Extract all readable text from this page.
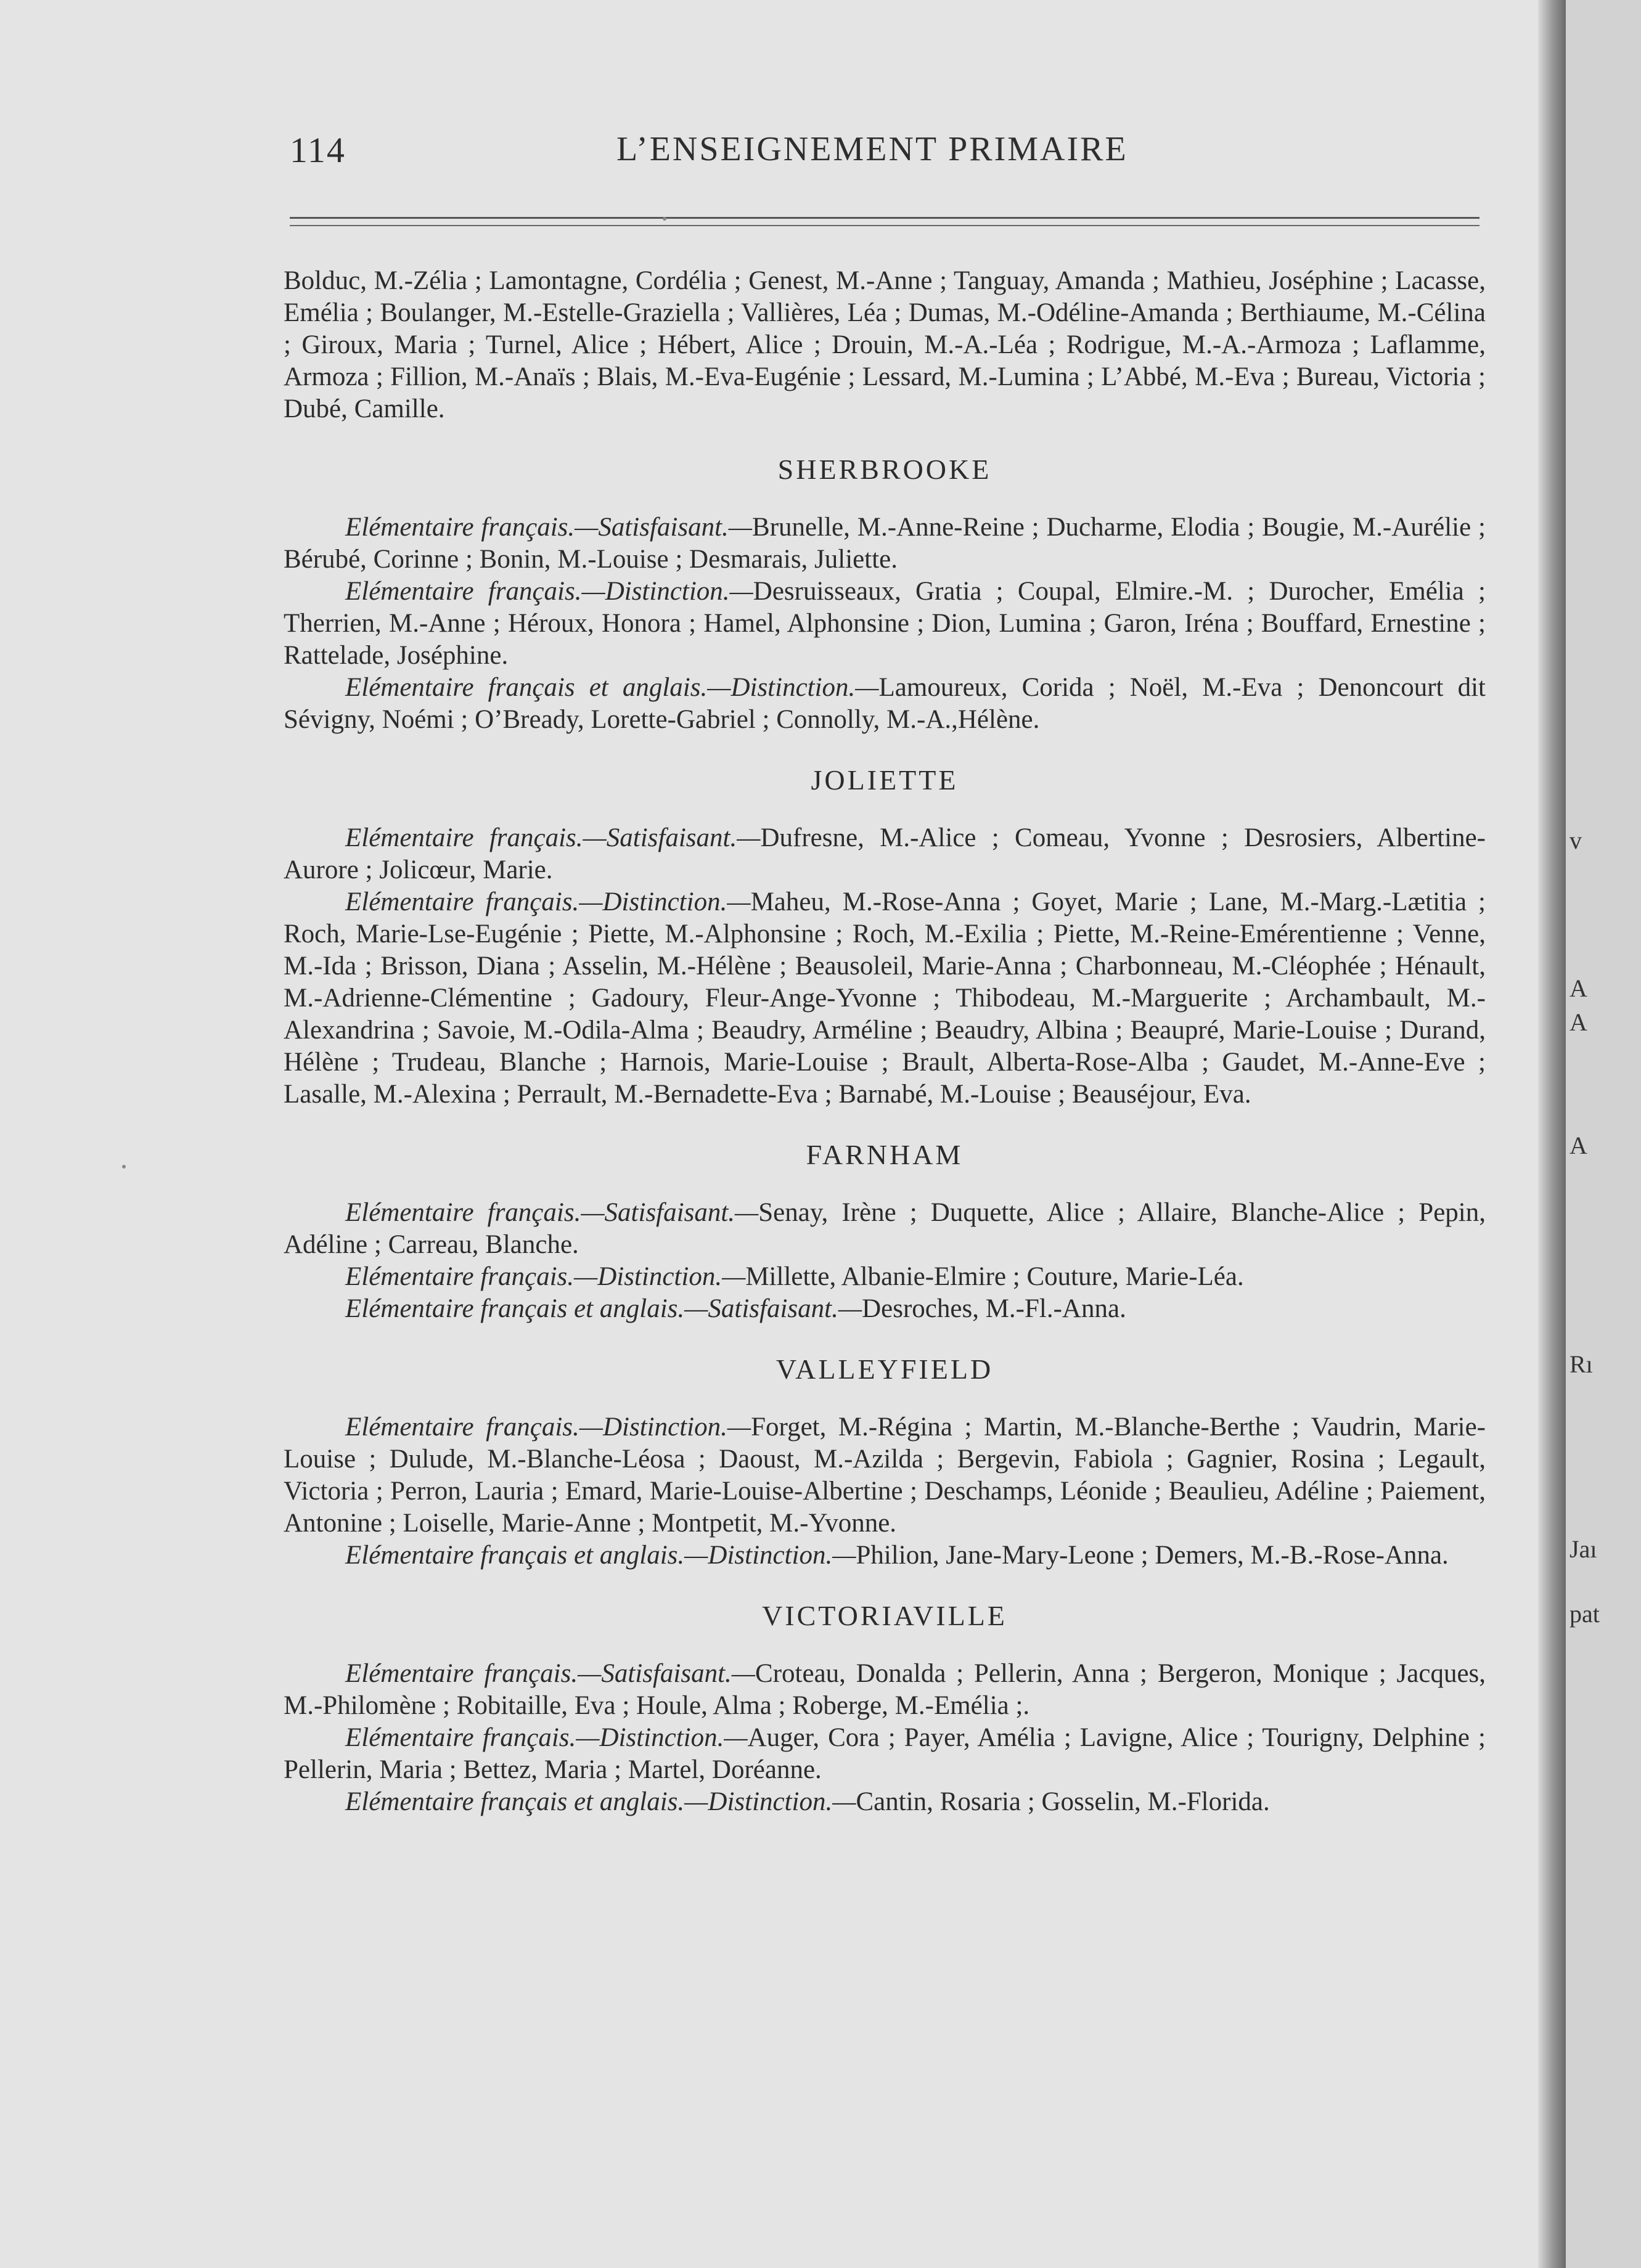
114	L’ENSEIGNEMENT PRIMAIRE

Bolduc, M.-Zélia ; Lamontagne, Cordélia ; Genest, M.-Anne ; Tanguay, Amanda ; Mathieu, Joséphine ; Lacasse, Emélia ; Boulanger, M.-Estelle-Graziella ; Vallières, Léa ; Dumas, M.-Odéline-Amanda ; Berthiaume, M.-Célina ; Giroux, Maria ; Turnel, Alice ; Hébert, Alice ; Drouin, M.-A.-Léa ; Rodrigue, M.-A.-Armoza ; Laflamme, Armoza ; Fillion, M.-Anaïs ; Blais, M.-Eva-Eugénie ; Lessard, M.-Lumina ; L’Abbé, M.-Eva ; Bureau, Victoria ; Dubé, Camille.

SHERBROOKE

Elémentaire français.—Satisfaisant.—Brunelle, M.-Anne-Reine ; Ducharme, Elodia ; Bougie, M.-Aurélie ; Bérubé, Corinne ; Bonin, M.-Louise ; Desmarais, Juliette.

Elémentaire français.—Distinction.—Desruisseaux, Gratia ; Coupal, Elmire.-M. ; Durocher, Emélia ; Therrien, M.-Anne ; Héroux, Honora ; Hamel, Alphonsine ; Dion, Lumina ; Garon, Iréna ; Bouffard, Ernestine ; Rattelade, Joséphine.

Elémentaire français et anglais.—Distinction.—Lamoureux, Corida ; Noël, M.-Eva ; Denoncourt dit Sévigny, Noémi ; O’Bready, Lorette-Gabriel ; Connolly, M.-A.,Hélène.

JOLIETTE

Elémentaire français.—Satisfaisant.—Dufresne, M.-Alice ; Comeau, Yvonne ; Desrosiers, Albertine-Aurore ; Jolicœur, Marie.

Elémentaire français.—Distinction.—Maheu, M.-Rose-Anna ; Goyet, Marie ; Lane, M.-Marg.-Lætitia ; Roch, Marie-Lse-Eugénie ; Piette, M.-Alphonsine ; Roch, M.-Exilia ; Piette, M.-Reine-Emérentienne ; Venne, M.-Ida ; Brisson, Diana ; Asselin, M.-Hélène ; Beausoleil, Marie-Anna ; Charbonneau, M.-Cléophée ; Hénault, M.-Adrienne-Clémentine ; Gadoury, Fleur-Ange-Yvonne ; Thibodeau, M.-Marguerite ; Archambault, M.-Alexandrina ; Savoie, M.-Odila-Alma ; Beaudry, Arméline ; Beaudry, Albina ; Beaupré, Marie-Louise ; Durand, Hélène ; Trudeau, Blanche ; Harnois, Marie-Louise ; Brault, Alberta-Rose-Alba ; Gaudet, M.-Anne-Eve ; Lasalle, M.-Alexina ; Perrault, M.-Bernadette-Eva ; Barnabé, M.-Louise ; Beauséjour, Eva.

FARNHAM

Elémentaire français.—Satisfaisant.—Senay, Irène ; Duquette, Alice ; Allaire, Blanche-Alice ; Pepin, Adéline ; Carreau, Blanche.

Elémentaire français.—Distinction.—Millette, Albanie-Elmire ; Couture, Marie-Léa.

Elémentaire français et anglais.—Satisfaisant.—Desroches, M.-Fl.-Anna.

VALLEYFIELD

Elémentaire français.—Distinction.—Forget, M.-Régina ; Martin, M.-Blanche-Berthe ; Vaudrin, Marie-Louise ; Dulude, M.-Blanche-Léosa ; Daoust, M.-Azilda ; Bergevin, Fabiola ; Gagnier, Rosina ; Legault, Victoria ; Perron, Lauria ; Emard, Marie-Louise-Albertine ; Deschamps, Léonide ; Beaulieu, Adéline ; Paiement, Antonine ; Loiselle, Marie-Anne ; Montpetit, M.-Yvonne.

Elémentaire français et anglais.—Distinction.—Philion, Jane-Mary-Leone ; Demers, M.-B.-Rose-Anna.

VICTORIAVILLE

Elémentaire français.—Satisfaisant.—Croteau, Donalda ; Pellerin, Anna ; Bergeron, Monique ; Jacques, M.-Philomène ; Robitaille, Eva ; Houle, Alma ; Roberge, M.-Emélia ;.

Elémentaire français.—Distinction.—Auger, Cora ; Payer, Amélia ; Lavigne, Alice ; Tourigny, Delphine ; Pellerin, Maria ; Bettez, Maria ; Martel, Doréanne.

Elémentaire français et anglais.—Distinction.—Cantin, Rosaria ; Gosselin, M.-Florida.

v
A
A
A
Rı
Jaı
pat
